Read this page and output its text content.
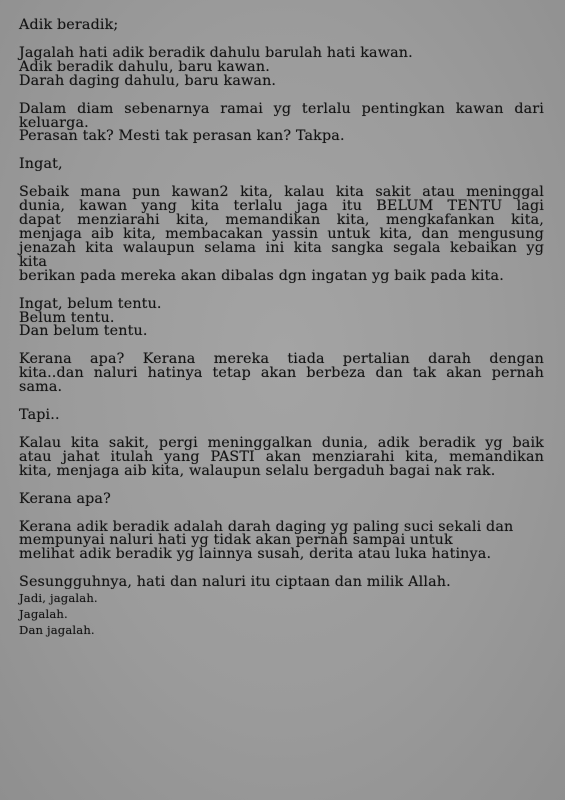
Adik beradik;
Jagalah hati adik beradik dahulu barulah hati kawan.
Adik beradik dahulu, baru kawan.
Darah daging dahulu, baru kawan.
Dalam diam sebenarnya ramai yg terlalu pentingkan kawan dari
keluarga.
Perasan tak? Mesti tak perasan kan? Takpa.
Ingat,
Sebaik mana pun kawan2 kita, kalau kita sakit atau meninggal
dunia, kawan yang kita terlalu jaga itu BELUM TENTU lagi
dapat menziarahi kita, memandikan kita, mengkafankan kita,
menjaga aib kita, membacakan yassin untuk kita, dan mengusung
jenazah kita walaupun selama ini kita sangka segala kebaikan yg
kita
berikan pada mereka akan dibalas dgn ingatan yg baik pada kita.
Ingat, belum tentu.
Belum tentu.
Dan belum tentu.
Kerana apa? Kerana mereka tiada pertalian darah dengan
kita..dan naluri hatinya tetap akan berbeza dan tak akan pernah
sama.
Tapi..
Kalau kita sakit, pergi meninggalkan dunia, adik beradik yg baik
atau jahat itulah yang PASTI akan menziarahi kita, memandikan
kita, menjaga aib kita, walaupun selalu bergaduh bagai nak rak.
Kerana apa?
Kerana adik beradik adalah darah daging yg paling suci sekali dan
mempunyai naluri hati yg tidak akan pernah sampai untuk
melihat adik beradik yg lainnya susah, derita atau luka hatinya.
Sesungguhnya, hati dan naluri itu ciptaan dan milik Allah.
Jadi, jagalah.
Jagalah.
Dan jagalah.
